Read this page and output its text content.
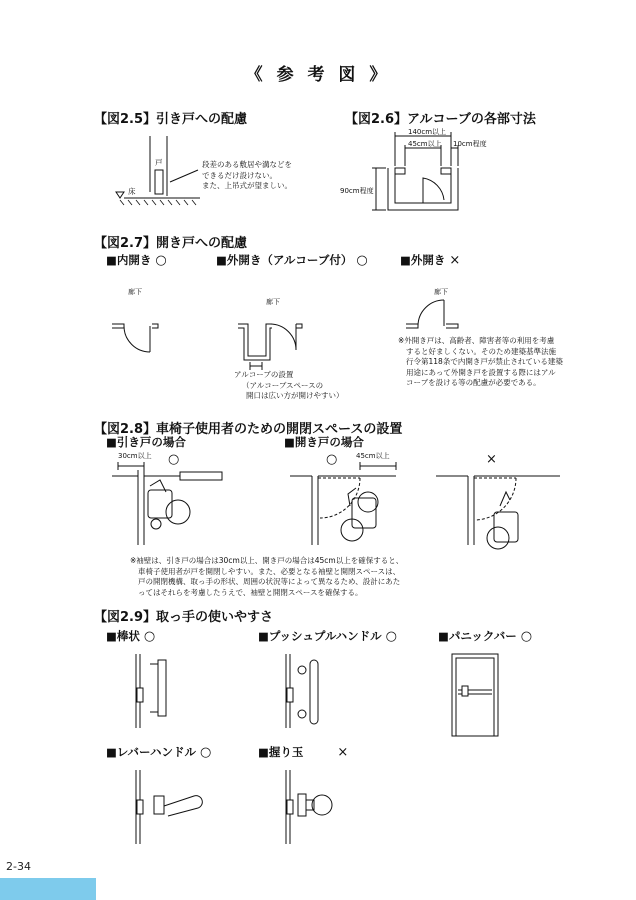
《 参 考 図 》
【図2.5】引き戸への配慮
戸
床
段差のある敷居や溝などを
できるだけ設けない。
また、上吊式が望ましい。
【図2.6】アルコーブの各部寸法
140cm以上
45cm以上 10cm程度
90cm程度
【図2.7】開き戸への配慮
■内開き ○	■外開き（アルコーブ付） ○	■外開き ×
廊下
廊下
廊下
アルコーブの設置
（アルコーブスペースの
開口は広い方が開けやすい）
※外開き戸は、高齢者、障害者等の利用を考慮
すると好ましくない。そのため建築基準法施
行令第118条で内開き戸が禁止されている建築
用途にあって外開き戸を設置する際にはアル
コーブを設ける等の配慮が必要である。
【図2.8】車椅子使用者のための開閉スペースの設置
■引き戸の場合	■開き戸の場合
30cm以上	45cm以上
○	○	×
※袖壁は、引き戸の場合は30cm以上、開き戸の場合は45cm以上を確保すると、
車椅子使用者が戸を開閉しやすい。また、必要となる袖壁と開閉スペースは、
戸の開閉機構、取っ手の形状、周囲の状況等によって異なるため、設計にあた
ってはそれらを考慮したうえで、袖壁と開閉スペースを確保する。
【図2.9】取っ手の使いやすさ
■棒状 ○	■プッシュプルハンドル ○	■パニックバー ○
■レバーハンドル ○	■握り玉	×
2-34
